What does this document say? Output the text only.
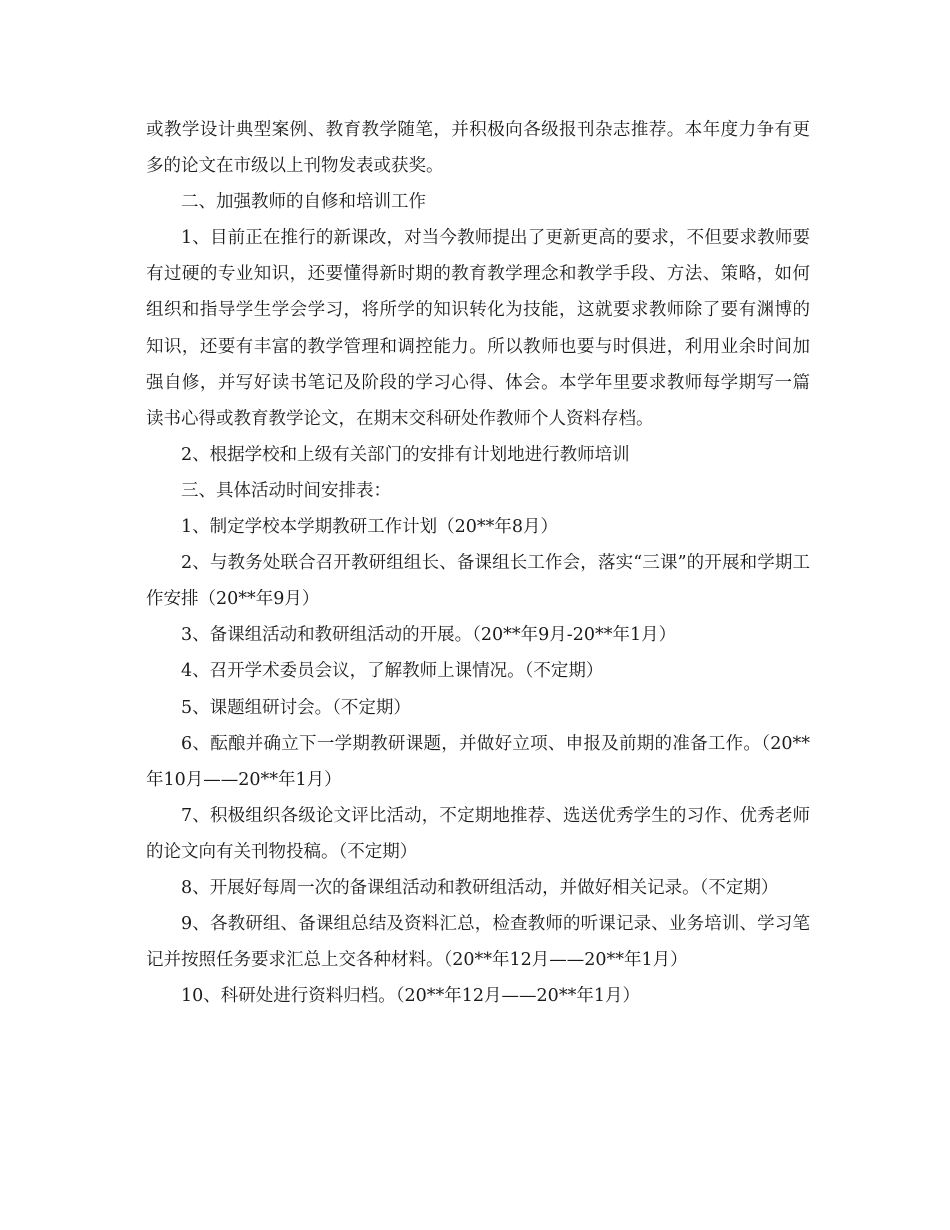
或教学设计典型案例、教育教学随笔，并积极向各级报刊杂志推荐。本年度力争有更多的论文在市级以上刊物发表或获奖。

二、加强教师的自修和培训工作

1、目前正在推行的新课改，对当今教师提出了更新更高的要求，不但要求教师要有过硬的专业知识，还要懂得新时期的教育教学理念和教学手段、方法、策略，如何组织和指导学生学会学习，将所学的知识转化为技能，这就要求教师除了要有渊博的知识，还要有丰富的教学管理和调控能力。所以教师也要与时俱进，利用业余时间加强自修，并写好读书笔记及阶段的学习心得、体会。本学年里要求教师每学期写一篇读书心得或教育教学论文，在期末交科研处作教师个人资料存档。

2、根据学校和上级有关部门的安排有计划地进行教师培训

三、具体活动时间安排表：

1、制定学校本学期教研工作计划（20**年8月）

2、与教务处联合召开教研组组长、备课组长工作会，落实“三课”的开展和学期工作安排（20**年9月）

3、备课组活动和教研组活动的开展。（20**年9月-20**年1月）

4、召开学术委员会议，了解教师上课情况。（不定期）

5、课题组研讨会。（不定期）

6、酝酿并确立下一学期教研课题，并做好立项、申报及前期的准备工作。（20**年10月——20**年1月）

7、积极组织各级论文评比活动，不定期地推荐、选送优秀学生的习作、优秀老师的论文向有关刊物投稿。（不定期）

8、开展好每周一次的备课组活动和教研组活动，并做好相关记录。（不定期）

9、各教研组、备课组总结及资料汇总，检查教师的听课记录、业务培训、学习笔记并按照任务要求汇总上交各种材料。（20**年12月——20**年1月）

10、科研处进行资料归档。（20**年12月——20**年1月）
